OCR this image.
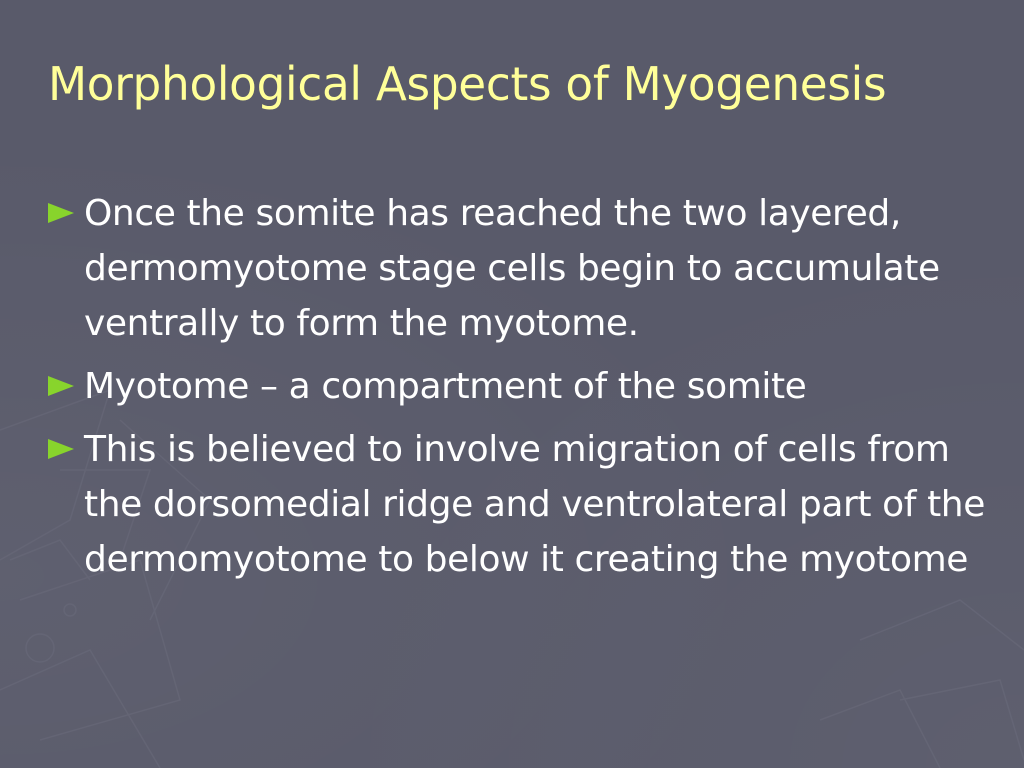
Morphological Aspects of Myogenesis
Once the somite has reached the two layered, dermomyotome stage cells begin to accumulate ventrally to form the myotome.
Myotome – a compartment of the somite
This is believed to involve migration of cells from the dorsomedial ridge and ventrolateral part of the dermomyotome to below it creating the myotome
